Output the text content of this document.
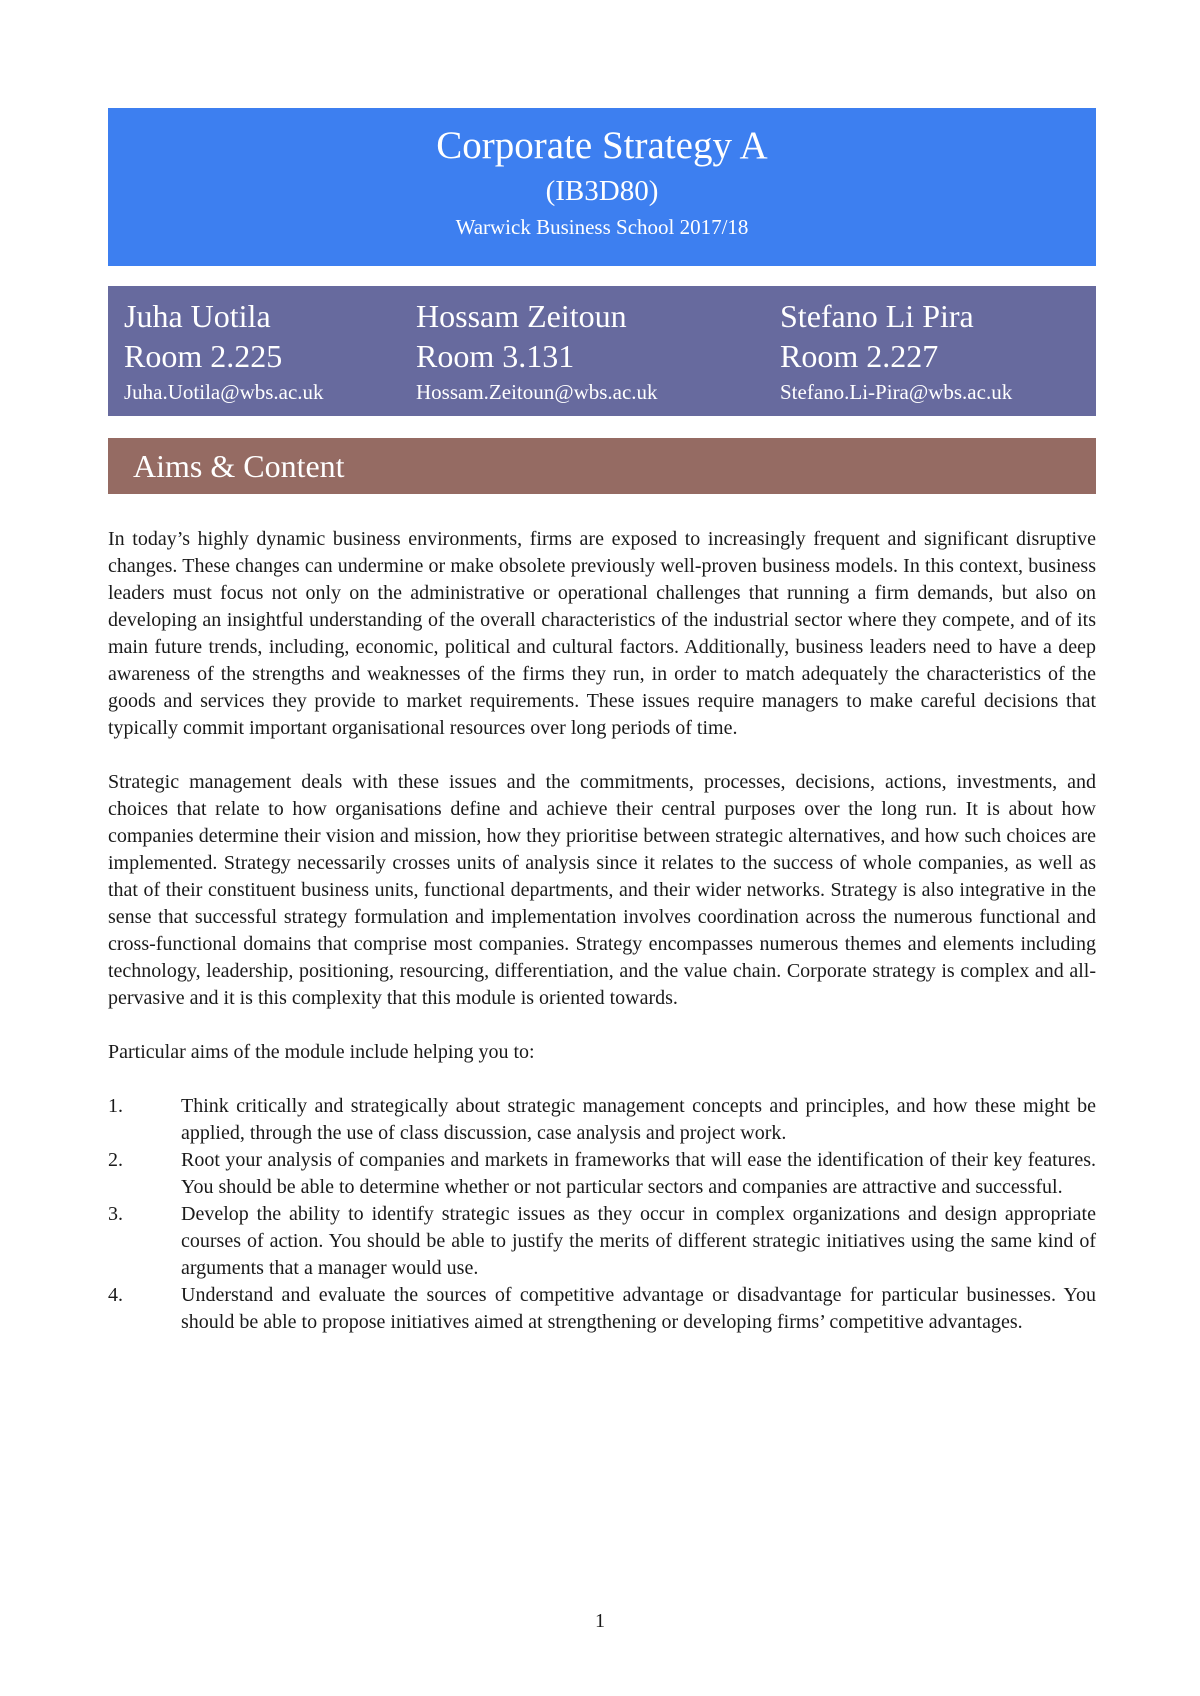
Corporate Strategy A
(IB3D80)
Warwick Business School 2017/18
Juha Uotila
Room 2.225
Juha.Uotila@wbs.ac.uk
Hossam Zeitoun
Room 3.131
Hossam.Zeitoun@wbs.ac.uk
Stefano Li Pira
Room 2.227
Stefano.Li-Pira@wbs.ac.uk
Aims & Content

In today’s highly dynamic business environments, firms are exposed to increasingly frequent and significant disruptive changes. These changes can undermine or make obsolete previously well-proven business models. In this context, business leaders must focus not only on the administrative or operational challenges that running a firm demands, but also on developing an insightful understanding of the overall characteristics of the industrial sector where they compete, and of its main future trends, including, economic, political and cultural factors. Additionally, business leaders need to have a deep awareness of the strengths and weaknesses of the firms they run, in order to match adequately the characteristics of the goods and services they provide to market requirements. These issues require managers to make careful decisions that typically commit important organisational resources over long periods of time.

Strategic management deals with these issues and the commitments, processes, decisions, actions, investments, and choices that relate to how organisations define and achieve their central purposes over the long run. It is about how companies determine their vision and mission, how they prioritise between strategic alternatives, and how such choices are implemented. Strategy necessarily crosses units of analysis since it relates to the success of whole companies, as well as that of their constituent business units, functional departments, and their wider networks. Strategy is also integrative in the sense that successful strategy formulation and implementation involves coordination across the numerous functional and cross-functional domains that comprise most companies. Strategy encompasses numerous themes and elements including technology, leadership, positioning, resourcing, differentiation, and the value chain. Corporate strategy is complex and all-pervasive and it is this complexity that this module is oriented towards.

Particular aims of the module include helping you to:

1.	Think critically and strategically about strategic management concepts and principles, and how these might be applied, through the use of class discussion, case analysis and project work.
2.	Root your analysis of companies and markets in frameworks that will ease the identification of their key features. You should be able to determine whether or not particular sectors and companies are attractive and successful.
3.	Develop the ability to identify strategic issues as they occur in complex organizations and design appropriate courses of action. You should be able to justify the merits of different strategic initiatives using the same kind of arguments that a manager would use.
4.	Understand and evaluate the sources of competitive advantage or disadvantage for particular businesses. You should be able to propose initiatives aimed at strengthening or developing firms’ competitive advantages.
1
